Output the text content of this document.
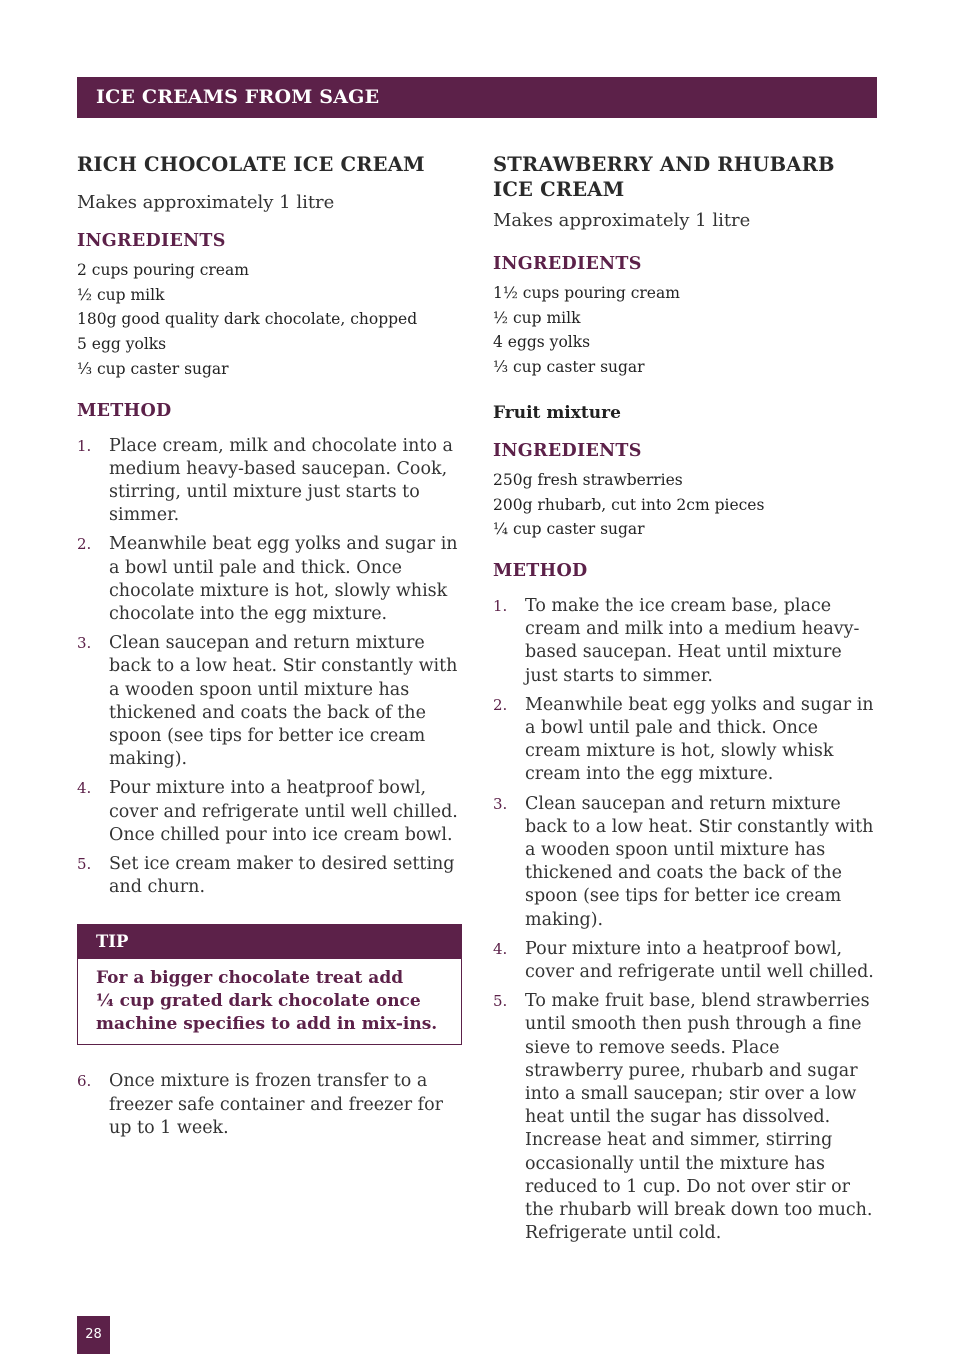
ICE CREAMS FROM SAGE
RICH CHOCOLATE ICE CREAM

Makes approximately 1 litre

INGREDIENTS
2 cups pouring cream
½ cup milk
180g good quality dark chocolate, chopped
5 egg yolks
⅓ cup caster sugar
METHOD
1. Place cream, milk and chocolate into a medium heavy-based saucepan. Cook, stirring, until mixture just starts to simmer.
2. Meanwhile beat egg yolks and sugar in a bowl until pale and thick. Once chocolate mixture is hot, slowly whisk chocolate into the egg mixture.
3. Clean saucepan and return mixture back to a low heat. Stir constantly with a wooden spoon until mixture has thickened and coats the back of the spoon (see tips for better ice cream making).
4. Pour mixture into a heatproof bowl, cover and refrigerate until well chilled. Once chilled pour into ice cream bowl.
5. Set ice cream maker to desired setting and churn.
TIP
For a bigger chocolate treat add
¼ cup grated dark chocolate once
machine specifies to add in mix-ins.
6. Once mixture is frozen transfer to a freezer safe container and freezer for up to 1 week.
STRAWBERRY AND RHUBARB
ICE CREAM

Makes approximately 1 litre

INGREDIENTS
1½ cups pouring cream
½ cup milk
4 eggs yolks
⅓ cup caster sugar
Fruit mixture
INGREDIENTS
250g fresh strawberries
200g rhubarb, cut into 2cm pieces
¼ cup caster sugar
METHOD
1. To make the ice cream base, place cream and milk into a medium heavy-based saucepan. Heat until mixture just starts to simmer.
2. Meanwhile beat egg yolks and sugar in a bowl until pale and thick. Once cream mixture is hot, slowly whisk cream into the egg mixture.
3. Clean saucepan and return mixture back to a low heat. Stir constantly with a wooden spoon until mixture has thickened and coats the back of the spoon (see tips for better ice cream making).
4. Pour mixture into a heatproof bowl, cover and refrigerate until well chilled.
5. To make fruit base, blend strawberries until smooth then push through a fine sieve to remove seeds. Place strawberry puree, rhubarb and sugar into a small saucepan; stir over a low heat until the sugar has dissolved. Increase heat and simmer, stirring occasionally until the mixture has reduced to 1 cup. Do not over stir or the rhubarb will break down too much. Refrigerate until cold.
28
